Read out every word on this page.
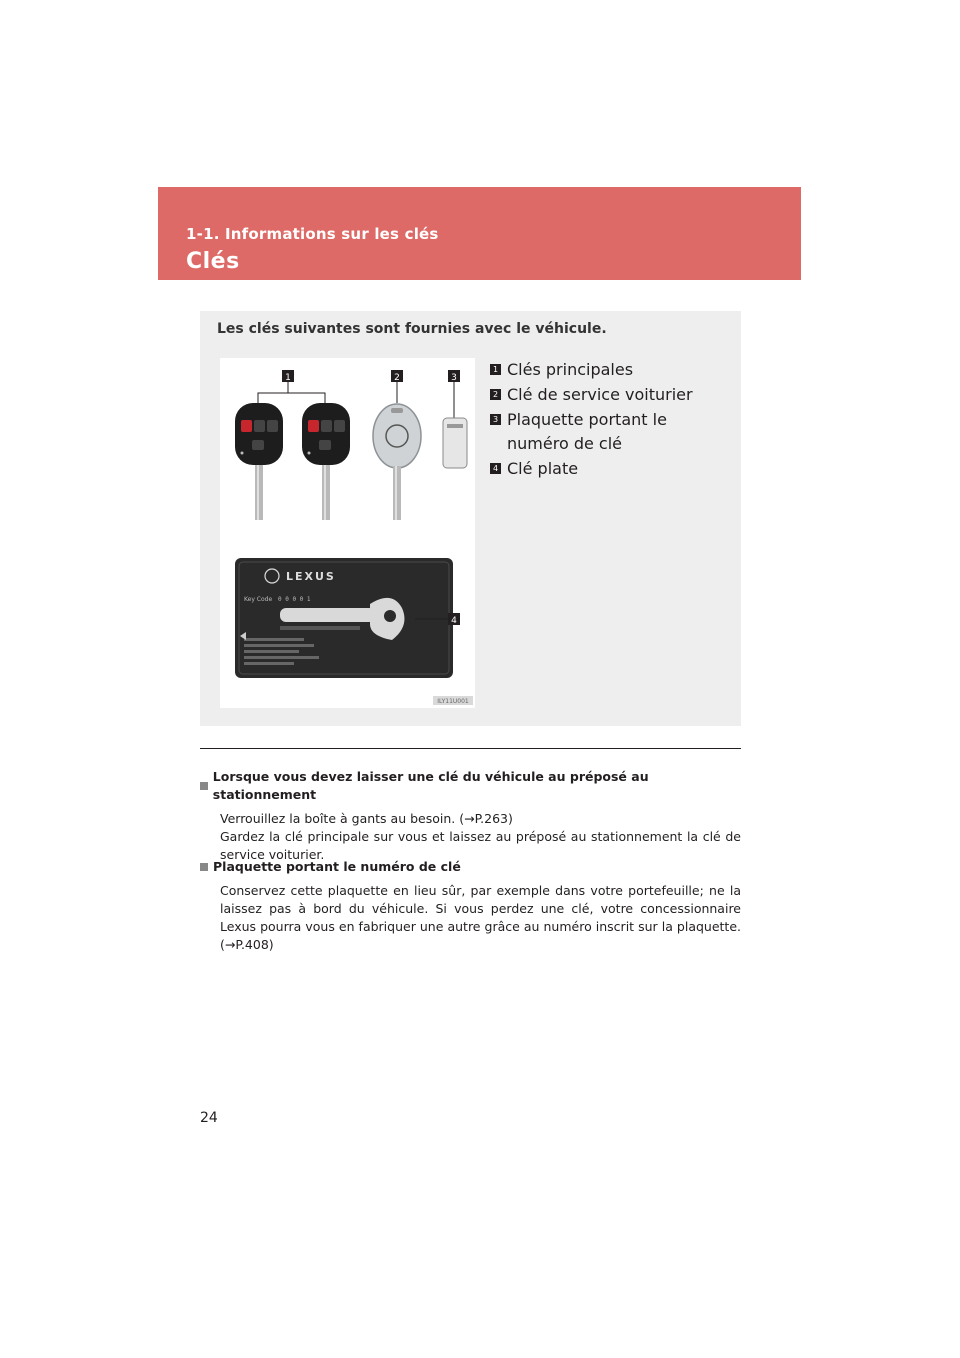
1-1. Informations sur les clés
Clés
Les clés suivantes sont fournies avec le véhicule.
1	2	3
LEXUS
Key Code 0 0 0 0 1
4
ILY11U001
1 Clés principales
2 Clé de service voiturier
3 Plaquette portant le numéro de clé
4 Clé plate
Lorsque vous devez laisser une clé du véhicule au préposé au stationnement
Verrouillez la boîte à gants au besoin. (→P.263)
Gardez la clé principale sur vous et laissez au préposé au stationnement la clé de service voiturier.
Plaquette portant le numéro de clé
Conservez cette plaquette en lieu sûr, par exemple dans votre portefeuille; ne la laissez pas à bord du véhicule. Si vous perdez une clé, votre concessionnaire Lexus pourra vous en fabriquer une autre grâce au numéro inscrit sur la plaquette. (→P.408)
24
